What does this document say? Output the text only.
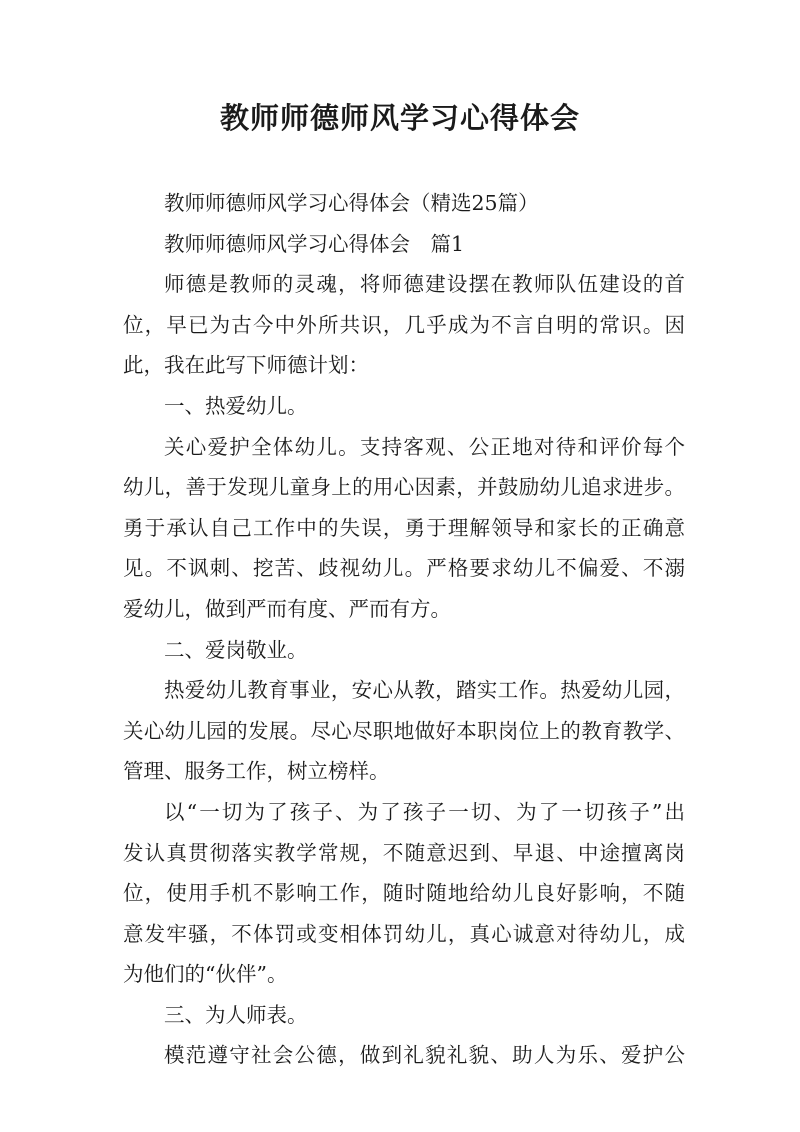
教师师德师风学习心得体会
教师师德师风学习心得体会（精选25篇）
教师师德师风学习心得体会　篇1
师德是教师的灵魂，将师德建设摆在教师队伍建设的首
位，早已为古今中外所共识，几乎成为不言自明的常识。因
此，我在此写下师德计划：
一、热爱幼儿。
关心爱护全体幼儿。支持客观、公正地对待和评价每个
幼儿，善于发现儿童身上的用心因素，并鼓励幼儿追求进步。
勇于承认自己工作中的失误，勇于理解领导和家长的正确意
见。不讽刺、挖苦、歧视幼儿。严格要求幼儿不偏爱、不溺
爱幼儿，做到严而有度、严而有方。
二、爱岗敬业。
热爱幼儿教育事业，安心从教，踏实工作。热爱幼儿园，
关心幼儿园的发展。尽心尽职地做好本职岗位上的教育教学、
管理、服务工作，树立榜样。
以“一切为了孩子、为了孩子一切、为了一切孩子”出
发认真贯彻落实教学常规，不随意迟到、早退、中途擅离岗
位，使用手机不影响工作，随时随地给幼儿良好影响，不随
意发牢骚，不体罚或变相体罚幼儿，真心诚意对待幼儿，成
为他们的“伙伴”。
三、为人师表。
模范遵守社会公德，做到礼貌礼貌、助人为乐、爱护公
